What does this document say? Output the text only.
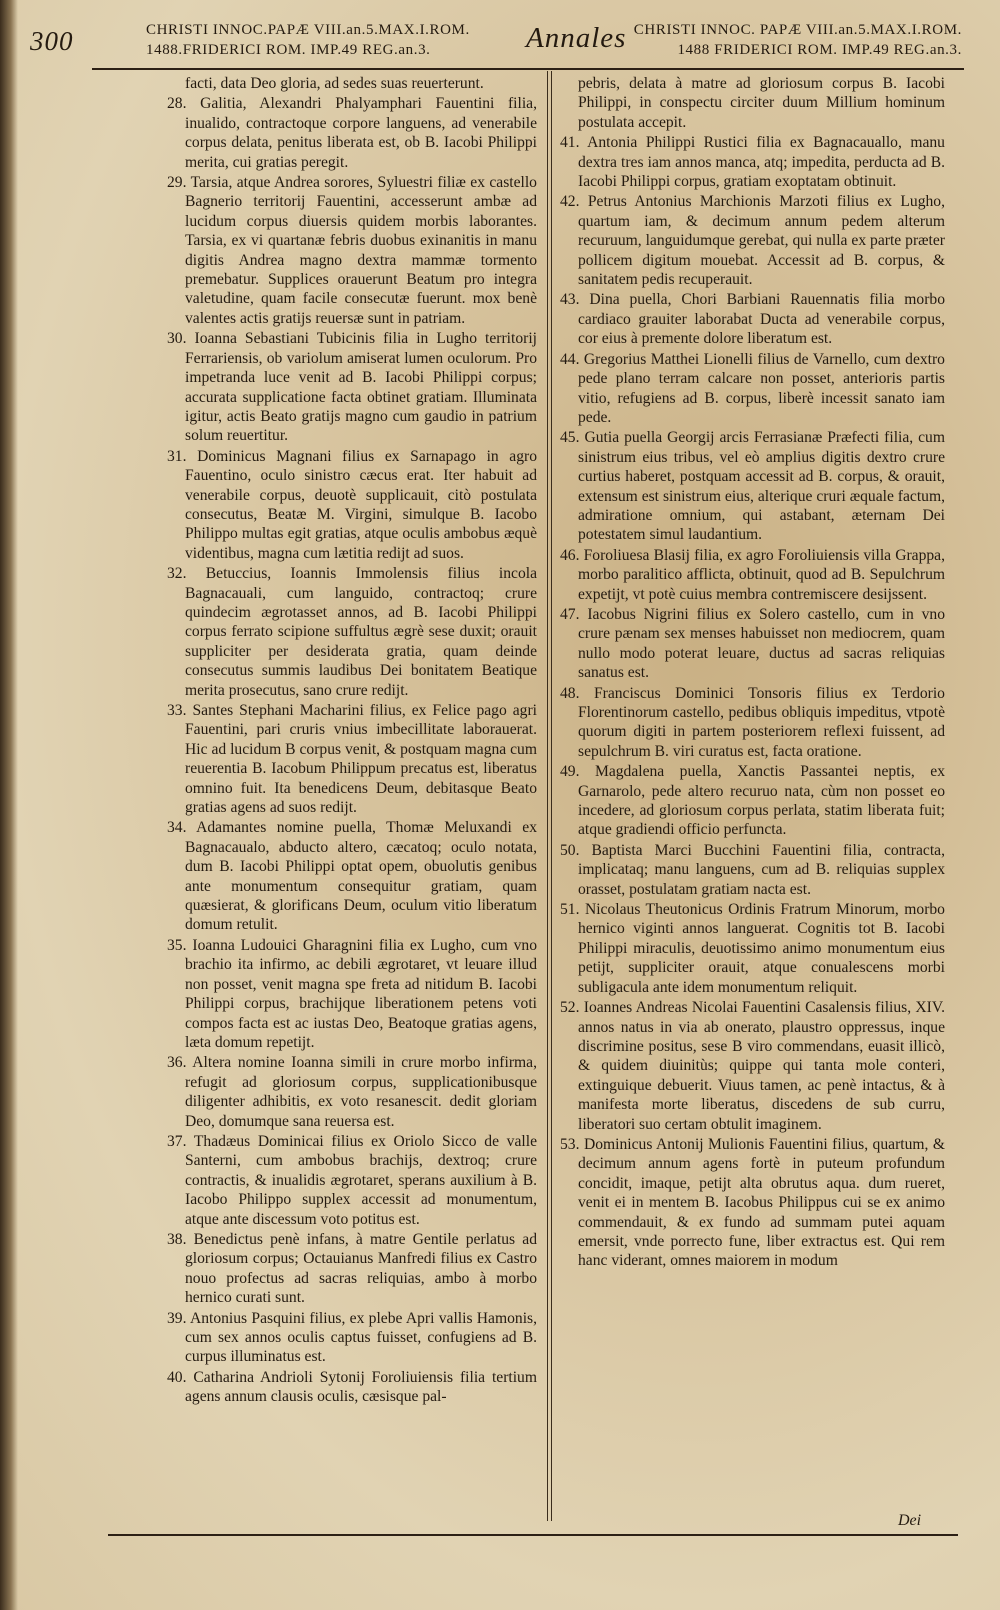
300	CHRISTI INNOC.PAPÆ VIII.an.5.MAX.I.ROM.
1488.FRIDERICI ROM. IMP.49 REG.an.3.	Annales CHRISTI INNOC. PAPÆ VIII.an.5.MAX.I.ROM.
1488 FRIDERICI ROM. IMP.49 REG.an.3.
facti, data Deo gloria, ad sedes suas reuerterunt.
28. Galitia, Alexandri Phalyamphari Fauentini filia, inualido, contractoque corpore languens, ad venerabile corpus delata, penitus liberata est, ob B. Iacobi Philippi merita, cui gratias peregit.
29. Tarsia, atque Andrea sorores, Syluestri filiæ ex castello Bagnerio territorij Fauentini, accesserunt ambæ ad lucidum corpus diuersis quidem morbis laborantes. Tarsia, ex vi quartanæ febris duobus exinanitis in manu digitis Andrea magno dextra mammæ tormento premebatur. Supplices orauerunt Beatum pro integra valetudine, quam facile consecutæ fuerunt. mox benè valentes actis gratijs reuersæ sunt in patriam.
30. Ioanna Sebastiani Tubicinis filia in Lugho territorij Ferrariensis, ob variolum amiserat lumen oculorum. Pro impetranda luce venit ad B. Iacobi Philippi corpus; accurata supplicatione facta obtinet gratiam. Illuminata igitur, actis Beato gratijs magno cum gaudio in patrium solum reuertitur.
31. Dominicus Magnani filius ex Sarnapago in agro Fauentino, oculo sinistro cæcus erat. Iter habuit ad venerabile corpus, deuotè supplicauit, citò postulata consecutus, Beatæ M. Virgini, simulque B. Iacobo Philippo multas egit gratias, atque oculis ambobus æquè videntibus, magna cum lætitia redijt ad suos.
32. Betuccius, Ioannis Immolensis filius incola Bagnacauali, cum languido, contractoq; crure quindecim ægrotasset annos, ad B. Iacobi Philippi corpus ferrato scipione suffultus ægrè sese duxit; orauit suppliciter per desiderata gratia, quam deinde consecutus summis laudibus Dei bonitatem Beatique merita prosecutus, sano crure redijt.
33. Santes Stephani Macharini filius, ex Felice pago agri Fauentini, pari cruris vnius imbecillitate laborauerat. Hic ad lucidum B corpus venit, & postquam magna cum reuerentia B. Iacobum Philippum precatus est, liberatus omnino fuit. Ita benedicens Deum, debitasque Beato gratias agens ad suos redijt.
34. Adamantes nomine puella, Thomæ Meluxandi ex Bagnacaualo, abducto altero, cæcatoq; oculo notata, dum B. Iacobi Philippi optat opem, obuolutis genibus ante monumentum consequitur gratiam, quam quæsierat, & glorificans Deum, oculum vitio liberatum domum retulit.
35. Ioanna Ludouici Gharagnini filia ex Lugho, cum vno brachio ita infirmo, ac debili ægrotaret, vt leuare illud non posset, venit magna spe freta ad nitidum B. Iacobi Philippi corpus, brachijque liberationem petens voti compos facta est ac iustas Deo, Beatoque gratias agens, læta domum repetijt.
36. Altera nomine Ioanna simili in crure morbo infirma, refugit ad gloriosum corpus, supplicationibusque diligenter adhibitis, ex voto resanescit. dedit gloriam Deo, domumque sana reuersa est.
37. Thadæus Dominicai filius ex Oriolo Sicco de valle Santerni, cum ambobus brachijs, dextroq; crure contractis, & inualidis ægrotaret, sperans auxilium à B. Iacobo Philippo supplex accessit ad monumentum, atque ante discessum voto potitus est.
38. Benedictus penè infans, à matre Gentile perlatus ad gloriosum corpus; Octauianus Manfredi filius ex Castro nouo profectus ad sacras reliquias, ambo à morbo hernico curati sunt.
39. Antonius Pasquini filius, ex plebe Apri vallis Hamonis, cum sex annos oculis captus fuisset, confugiens ad B. curpus illuminatus est.
40. Catharina Andrioli Sytonij Foroliuiensis filia tertium agens annum clausis oculis, cæsisque pal-
pebris, delata à matre ad gloriosum corpus B. Iacobi Philippi, in conspectu circiter duum Millium hominum postulata accepit.
41. Antonia Philippi Rustici filia ex Bagnacauallo, manu dextra tres iam annos manca, atq; impedita, perducta ad B. Iacobi Philippi corpus, gratiam exoptatam obtinuit.
42. Petrus Antonius Marchionis Marzoti filius ex Lugho, quartum iam, & decimum annum pedem alterum recuruum, languidumque gerebat, qui nulla ex parte præter pollicem digitum mouebat. Accessit ad B. corpus, & sanitatem pedis recuperauit.
43. Dina puella, Chori Barbiani Rauennatis filia morbo cardiaco grauiter laborabat Ducta ad venerabile corpus, cor eius à premente dolore liberatum est.
44. Gregorius Matthei Lionelli filius de Varnello, cum dextro pede plano terram calcare non posset, anterioris partis vitio, refugiens ad B. corpus, liberè incessit sanato iam pede.
45. Gutia puella Georgij arcis Ferrasianæ Præfecti filia, cum sinistrum eius tribus, vel eò amplius digitis dextro crure curtius haberet, postquam accessit ad B. corpus, & orauit, extensum est sinistrum eius, alterique cruri æquale factum, admiratione omnium, qui astabant, æternam Dei potestatem simul laudantium.
46. Foroliuesa Blasij filia, ex agro Foroliuiensis villa Grappa, morbo paralitico afflicta, obtinuit, quod ad B. Sepulchrum expetijt, vt potè cuius membra contremiscere desijssent.
47. Iacobus Nigrini filius ex Solero castello, cum in vno crure pænam sex menses habuisset non mediocrem, quam nullo modo poterat leuare, ductus ad sacras reliquias sanatus est.
48. Franciscus Dominici Tonsoris filius ex Terdorio Florentinorum castello, pedibus obliquis impeditus, vtpotè quorum digiti in partem posteriorem reflexi fuissent, ad sepulchrum B. viri curatus est, facta oratione.
49. Magdalena puella, Xanctis Passantei neptis, ex Garnarolo, pede altero recuruo nata, cùm non posset eo incedere, ad gloriosum corpus perlata, statim liberata fuit; atque gradiendi officio perfuncta.
50. Baptista Marci Bucchini Fauentini filia, contracta, implicataq; manu languens, cum ad B. reliquias supplex orasset, postulatam gratiam nacta est.
51. Nicolaus Theutonicus Ordinis Fratrum Minorum, morbo hernico viginti annos languerat. Cognitis tot B. Iacobi Philippi miraculis, deuotissimo animo monumentum eius petijt, suppliciter orauit, atque conualescens morbi subligacula ante idem monumentum reliquit.
52. Ioannes Andreas Nicolai Fauentini Casalensis filius, XIV. annos natus in via ab onerato, plaustro oppressus, inque discrimine positus, sese B viro commendans, euasit illicò, & quidem diuinitùs; quippe qui tanta mole conteri, extinguique debuerit. Viuus tamen, ac penè intactus, & à manifesta morte liberatus, discedens de sub curru, liberatori suo certam obtulit imaginem.
53. Dominicus Antonij Mulionis Fauentini filius, quartum, & decimum annum agens fortè in puteum profundum concidit, imaque, petijt alta obrutus aqua. dum rueret, venit ei in mentem B. Iacobus Philippus cui se ex animo commendauit, & ex fundo ad summam putei aquam emersit, vnde porrecto fune, liber extractus est. Qui rem hanc viderant, omnes maiorem in modum
Dei
